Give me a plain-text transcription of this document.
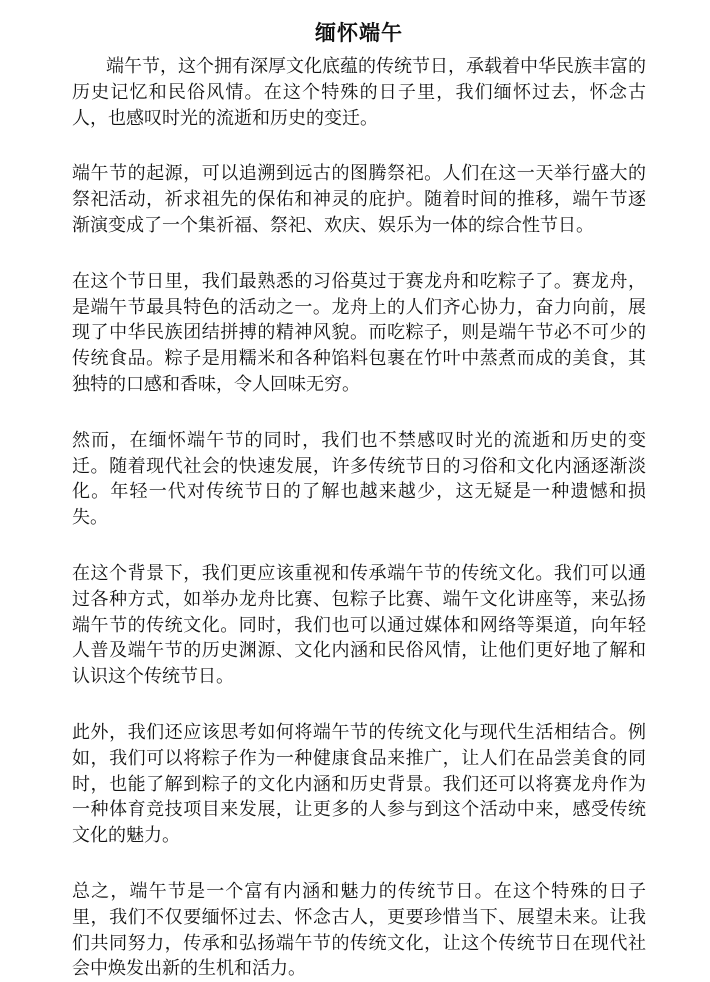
缅怀端午

端午节，这个拥有深厚文化底蕴的传统节日，承载着中华民族丰富的历史记忆和民俗风情。在这个特殊的日子里，我们缅怀过去，怀念古人，也感叹时光的流逝和历史的变迁。

端午节的起源，可以追溯到远古的图腾祭祀。人们在这一天举行盛大的祭祀活动，祈求祖先的保佑和神灵的庇护。随着时间的推移，端午节逐渐演变成了一个集祈福、祭祀、欢庆、娱乐为一体的综合性节日。

在这个节日里，我们最熟悉的习俗莫过于赛龙舟和吃粽子了。赛龙舟，是端午节最具特色的活动之一。龙舟上的人们齐心协力，奋力向前，展现了中华民族团结拼搏的精神风貌。而吃粽子，则是端午节必不可少的传统食品。粽子是用糯米和各种馅料包裹在竹叶中蒸煮而成的美食，其独特的口感和香味，令人回味无穷。

然而，在缅怀端午节的同时，我们也不禁感叹时光的流逝和历史的变迁。随着现代社会的快速发展，许多传统节日的习俗和文化内涵逐渐淡化。年轻一代对传统节日的了解也越来越少，这无疑是一种遗憾和损失。

在这个背景下，我们更应该重视和传承端午节的传统文化。我们可以通过各种方式，如举办龙舟比赛、包粽子比赛、端午文化讲座等，来弘扬端午节的传统文化。同时，我们也可以通过媒体和网络等渠道，向年轻人普及端午节的历史渊源、文化内涵和民俗风情，让他们更好地了解和认识这个传统节日。

此外，我们还应该思考如何将端午节的传统文化与现代生活相结合。例如，我们可以将粽子作为一种健康食品来推广，让人们在品尝美食的同时，也能了解到粽子的文化内涵和历史背景。我们还可以将赛龙舟作为一种体育竞技项目来发展，让更多的人参与到这个活动中来，感受传统文化的魅力。

总之，端午节是一个富有内涵和魅力的传统节日。在这个特殊的日子里，我们不仅要缅怀过去、怀念古人，更要珍惜当下、展望未来。让我们共同努力，传承和弘扬端午节的传统文化，让这个传统节日在现代社会中焕发出新的生机和活力。
